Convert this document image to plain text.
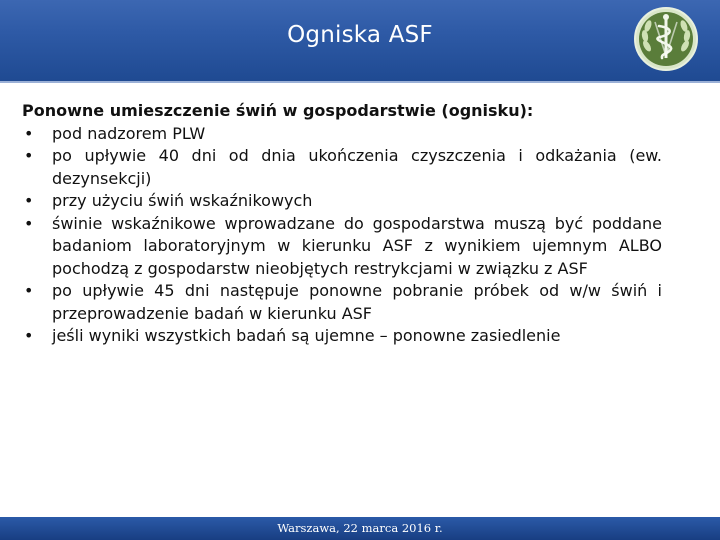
Ogniska ASF

Ponowne umieszczenie świń w gospodarstwie (ognisku):

• pod nadzorem PLW
• po upływie 40 dni od dnia ukończenia czyszczenia i odkażania (ew. dezynsekcji)
• przy użyciu świń wskaźnikowych
• świnie wskaźnikowe wprowadzane do gospodarstwa muszą być poddane badaniom laboratoryjnym w kierunku ASF z wynikiem ujemnym ALBO pochodzą z gospodarstw nieobjętych restrykcjami w związku z ASF
• po upływie 45 dni następuje ponowne pobranie próbek od w/w świń i przeprowadzenie badań w kierunku ASF
• jeśli wyniki wszystkich badań są ujemne – ponowne zasiedlenie
Warszawa, 22 marca 2016 r.
